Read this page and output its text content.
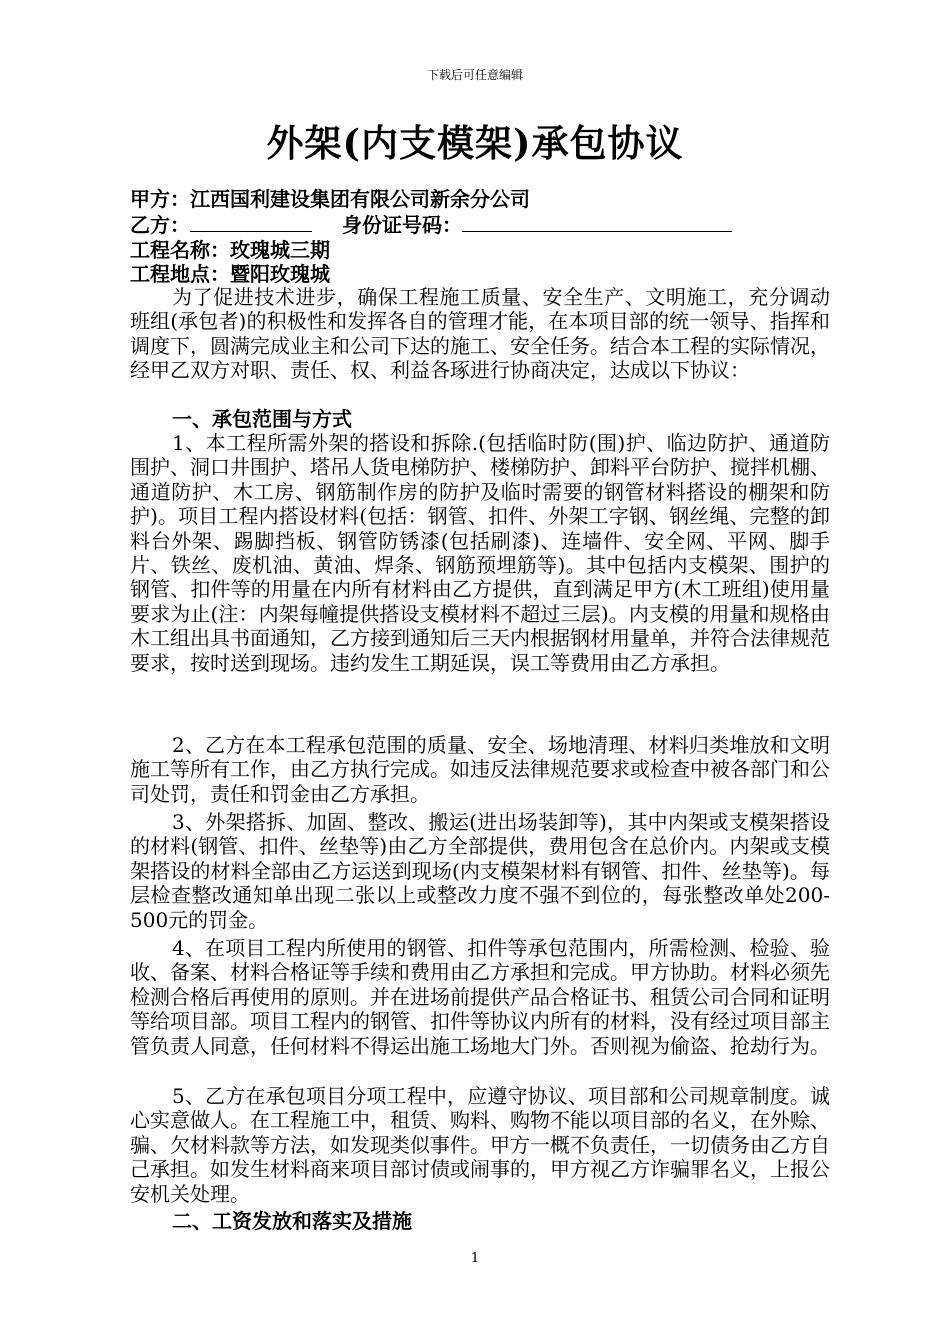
下载后可任意编辑
外架(内支模架)承包协议
甲方：江西国利建设集团有限公司新余分公司
乙方：	身份证号码：
工程名称：玫瑰城三期
工程地点：暨阳玫瑰城
为了促进技术进步，确保工程施工质量、安全生产、文明施工，充分调动班组(承包者)的积极性和发挥各自的管理才能，在本项目部的统一领导、指挥和调度下，圆满完成业主和公司下达的施工、安全任务。结合本工程的实际情况，经甲乙双方对职、责任、权、利益各琢进行协商决定，达成以下协议：
一、承包范围与方式
1、本工程所需外架的搭设和拆除.(包括临时防(围)护、临边防护、通道防围护、洞口井围护、塔吊人货电梯防护、楼梯防护、卸料平台防护、搅拌机棚、通道防护、木工房、钢筋制作房的防护及临时需要的钢管材料搭设的棚架和防护)。项目工程内搭设材料(包括：钢管、扣件、外架工字钢、钢丝绳、完整的卸料台外架、踢脚挡板、钢管防锈漆(包括刷漆)、连墙件、安全网、平网、脚手片、铁丝、废机油、黄油、焊条、钢筋预埋筋等)。其中包括内支模架、围护的钢管、扣件等的用量在内所有材料由乙方提供，直到满足甲方(木工班组)使用量要求为止(注：内架每幢提供搭设支模材料不超过三层)。内支模的用量和规格由木工组出具书面通知，乙方接到通知后三天内根据钢材用量单，并符合法律规范要求，按时送到现场。违约发生工期延误，误工等费用由乙方承担。
2、乙方在本工程承包范围的质量、安全、场地清理、材料归类堆放和文明施工等所有工作，由乙方执行完成。如违反法律规范要求或检查中被各部门和公司处罚，责任和罚金由乙方承担。
3、外架搭拆、加固、整改、搬运(进出场装卸等)，其中内架或支模架搭设的材料(钢管、扣件、丝垫等)由乙方全部提供，费用包含在总价内。内架或支模架搭设的材料全部由乙方运送到现场(内支模架材料有钢管、扣件、丝垫等)。每层检查整改通知单出现二张以上或整改力度不强不到位的，每张整改单处200-500元的罚金。
4、在项目工程内所使用的钢管、扣件等承包范围内，所需检测、检验、验收、备案、材料合格证等手续和费用由乙方承担和完成。甲方协助。材料必须先检测合格后再使用的原则。并在进场前提供产品合格证书、租赁公司合同和证明等给项目部。项目工程内的钢管、扣件等协议内所有的材料，没有经过项目部主管负责人同意，任何材料不得运出施工场地大门外。否则视为偷盗、抢劫行为。
5、乙方在承包项目分项工程中，应遵守协议、项目部和公司规章制度。诚心实意做人。在工程施工中，租赁、购料、购物不能以项目部的名义，在外赊、骗、欠材料款等方法，如发现类似事件。甲方一概不负责任，一切债务由乙方自己承担。如发生材料商来项目部讨债或闹事的，甲方视乙方诈骗罪名义，上报公安机关处理。
二、工资发放和落实及措施
1
